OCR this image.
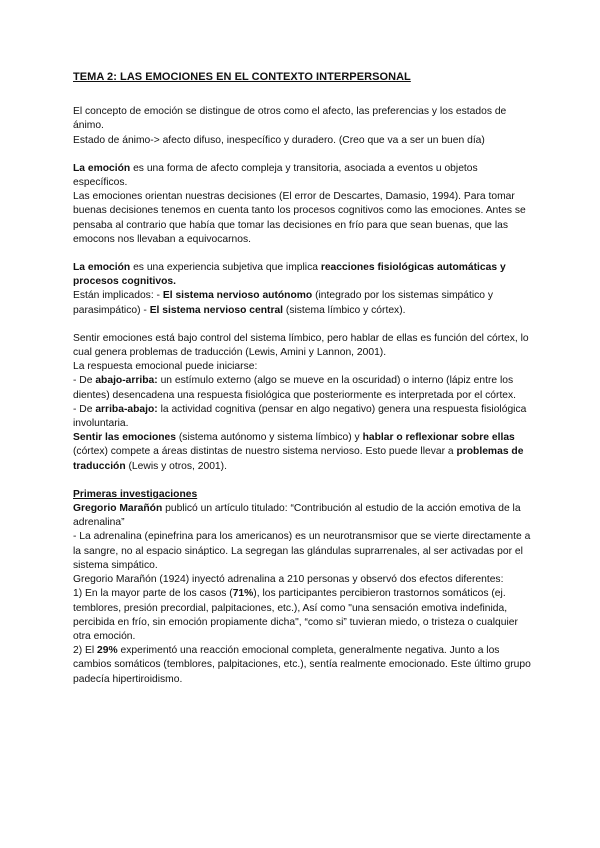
TEMA 2: LAS EMOCIONES EN EL CONTEXTO INTERPERSONAL

El concepto de emoción se distingue de otros como el afecto, las preferencias y los estados de ánimo.

Estado de ánimo-> afecto difuso, inespecífico y duradero. (Creo que va a ser un buen día)

La emoción es una forma de afecto compleja y transitoria, asociada a eventos u objetos específicos.

Las emociones orientan nuestras decisiones (El error de Descartes, Damasio, 1994). Para tomar buenas decisiones tenemos en cuenta tanto los procesos cognitivos como las emociones. Antes se pensaba al contrario que había que tomar las decisiones en frío para que sean buenas, que las emocons nos llevaban a equivocarnos.

La emoción es una experiencia subjetiva que implica reacciones fisiológicas automáticas y procesos cognitivos.

Están implicados: - El sistema nervioso autónomo (integrado por los sistemas simpático y parasimpático) - El sistema nervioso central (sistema límbico y córtex).

Sentir emociones está bajo control del sistema límbico, pero hablar de ellas es función del córtex, lo cual genera problemas de traducción (Lewis, Amini y Lannon, 2001).

La respuesta emocional puede iniciarse:

- De abajo-arriba: un estímulo externo (algo se mueve en la oscuridad) o interno (lápiz entre los dientes) desencadena una respuesta fisiológica que posteriormente es interpretada por el córtex.

- De arriba-abajo: la actividad cognitiva (pensar en algo negativo) genera una respuesta fisiológica involuntaria.

Sentir las emociones (sistema autónomo y sistema límbico) y hablar o reflexionar sobre ellas (córtex) compete a áreas distintas de nuestro sistema nervioso. Esto puede llevar a problemas de traducción (Lewis y otros, 2001).

Primeras investigaciones

Gregorio Marañón publicó un artículo titulado: “Contribución al estudio de la acción emotiva de la adrenalina”

- La adrenalina (epinefrina para los americanos) es un neurotransmisor que se vierte directamente a la sangre, no al espacio sináptico. La segregan las glándulas suprarrenales, al ser activadas por el sistema simpático.

Gregorio Marañón (1924) inyectó adrenalina a 210 personas y observó dos efectos diferentes:

1) En la mayor parte de los casos (71%), los participantes percibieron trastornos somáticos (ej. temblores, presión precordial, palpitaciones, etc.), Así como "una sensación emotiva indefinida, percibida en frío, sin emoción propiamente dicha", “como si” tuvieran miedo, o tristeza o cualquier otra emoción.

2) El 29% experimentó una reacción emocional completa, generalmente negativa. Junto a los cambios somáticos (temblores, palpitaciones, etc.), sentía realmente emocionado. Este último grupo padecía hipertiroidismo.
